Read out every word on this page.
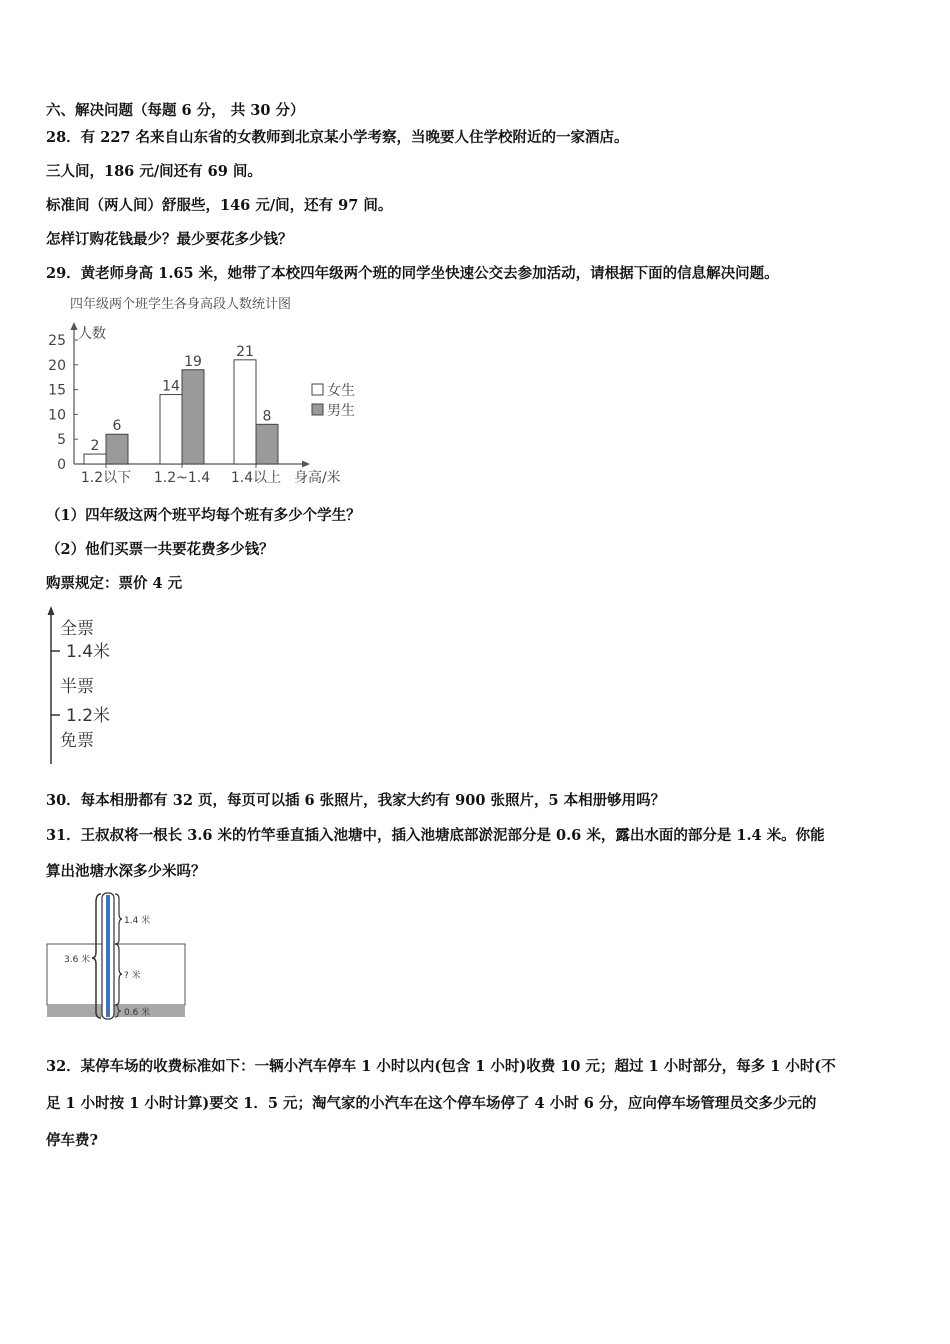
六、解决问题（每题 6 分， 共 30 分）

28．有 227 名来自山东省的女教师到北京某小学考察，当晚要人住学校附近的一家酒店。

三人间，186 元/间还有 69 间。

标准间（两人间）舒服些，146 元/间，还有 97 间。

怎样订购花钱最少？最少要花多少钱？

29．黄老师身高 1.65 米，她带了本校四年级两个班的同学坐快速公交去参加活动，请根据下面的信息解决问题。

四年级两个班学生各身高段人数统计图
人数
0
5
10
15
20
25
1.2以下 1.2~1.4 1.4以上
2
6
14
19
21
8
女生
男生
身高/米

（1）四年级这两个班平均每个班有多少个学生？

（2）他们买票一共要花费多少钱？

购票规定：票价 4 元

全票
1.4米
半票
1.2米
免票

30．每本相册都有 32 页，每页可以插 6 张照片，我家大约有 900 张照片，5 本相册够用吗？

31．王叔叔将一根长 3.6 米的竹竿垂直插入池塘中，插入池塘底部淤泥部分是 0.6 米，露出水面的部分是 1.4 米。你能

算出池塘水深多少米吗？

3.6 米
1.4 米
? 米
0.6 米

32．某停车场的收费标准如下：一辆小汽车停车 1 小时以内(包含 1 小时)收费 10 元；超过 1 小时部分，每多 1 小时(不

足 1 小时按 1 小时计算)要交 1．5 元；淘气家的小汽车在这个停车场停了 4 小时 6 分，应向停车场管理员交多少元的

停车费?
